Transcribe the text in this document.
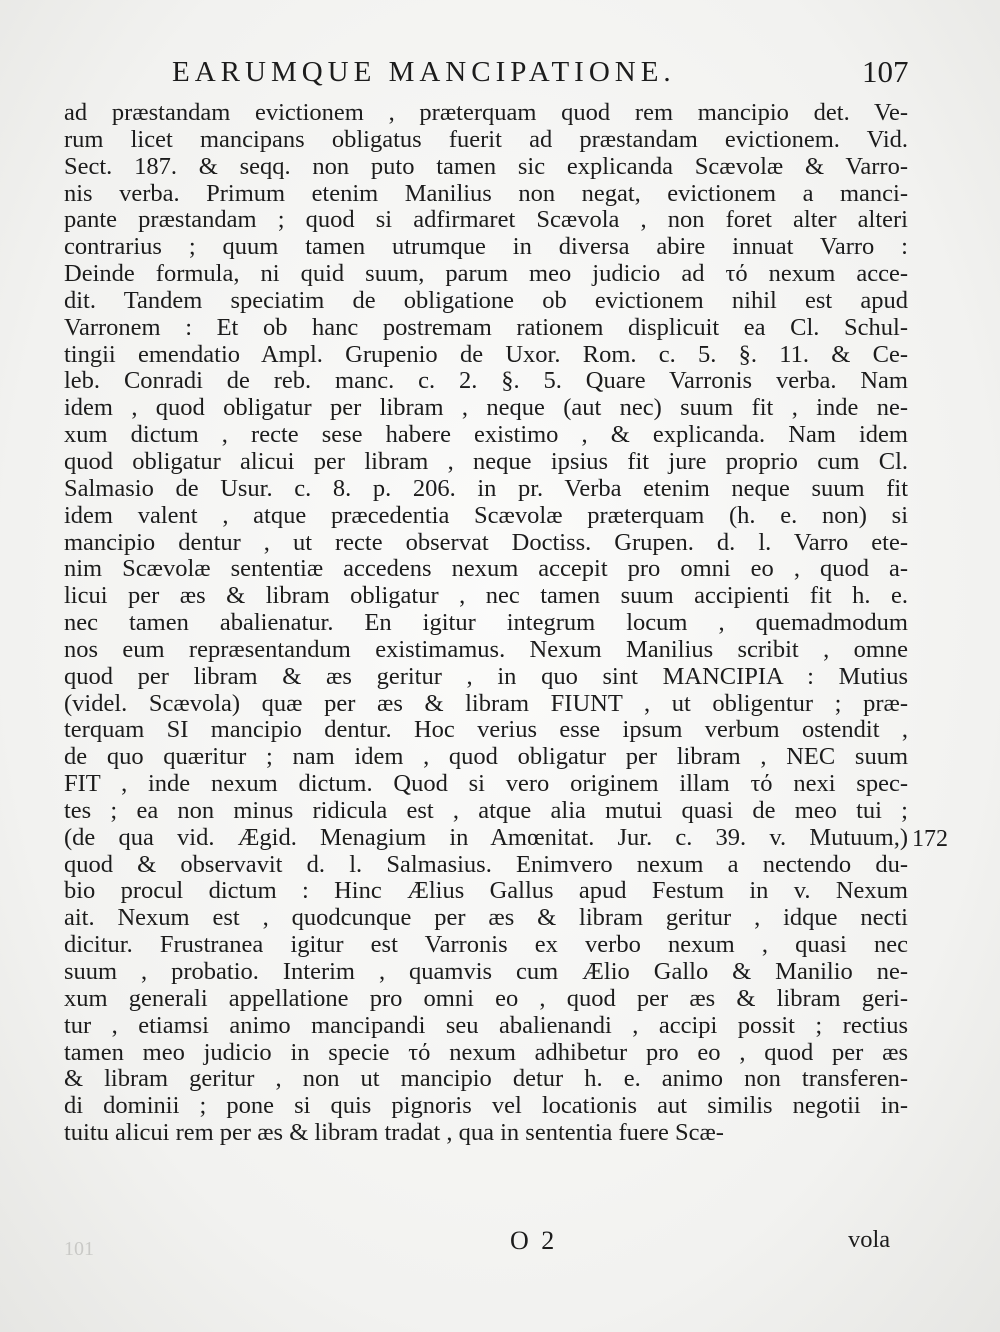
EARUMQUE MANCIPATIONE.	107
ad præstandam evictionem , præterquam quod rem mancipio det. Ve-
rum licet mancipans obligatus fuerit ad præstandam evictionem. Vid.
Sect. 187. & seqq. non puto tamen sic explicanda Scævolæ & Varro-
nis verba. Primum etenim Manilius non negat, evictionem a manci-
pante præstandam ; quod si adfirmaret Scævola , non foret alter alteri
contrarius ; quum tamen utrumque in diversa abire innuat Varro :
Deinde formula, ni quid suum, parum meo judicio ad τό nexum acce-
dit. Tandem speciatim de obligatione ob evictionem nihil est apud
Varronem : Et ob hanc postremam rationem displicuit ea Cl. Schul-
tingii emendatio Ampl. Grupenio de Uxor. Rom. c. 5. §. 11. & Ce-
leb. Conradi de reb. manc. c. 2. §. 5. Quare Varronis verba. Nam
idem , quod obligatur per libram , neque (aut nec) suum fit , inde ne-
xum dictum , recte sese habere existimo , & explicanda. Nam idem
quod obligatur alicui per libram , neque ipsius fit jure proprio cum Cl.
Salmasio de Usur. c. 8. p. 206. in pr. Verba etenim neque suum fit
idem valent , atque præcedentia Scævolæ præterquam (h. e. non) si
mancipio dentur , ut recte observat Doctiss. Grupen. d. l. Varro ete-
nim Scævolæ sententiæ accedens nexum accepit pro omni eo , quod a-
licui per æs & libram obligatur , nec tamen suum accipienti fit h. e.
nec tamen abalienatur. En igitur integrum locum , quemadmodum
nos eum repræsentandum existimamus. Nexum Manilius scribit , omne
quod per libram & æs geritur , in quo sint MANCIPIA : Mutius
(videl. Scævola) quæ per æs & libram FIUNT , ut obligentur ; præ-
terquam SI mancipio dentur. Hoc verius esse ipsum verbum ostendit ,
de quo quæritur ; nam idem , quod obligatur per libram , NEC suum
FIT , inde nexum dictum. Quod si vero originem illam τό nexi spec-
tes ; ea non minus ridicula est , atque alia mutui quasi de meo tui ;
(de qua vid. Ægid. Menagium in Amœnitat. Jur. c. 39. v. Mutuum,)
quod & observavit d. l. Salmasius. Enimvero nexum a nectendo du-
bio procul dictum : Hinc Ælius Gallus apud Festum in v. Nexum
ait. Nexum est , quodcunque per æs & libram geritur , idque necti
dicitur. Frustranea igitur est Varronis ex verbo nexum , quasi nec
suum , probatio. Interim , quamvis cum Ælio Gallo & Manilio ne-
xum generali appellatione pro omni eo , quod per æs & libram geri-
tur , etiamsi animo mancipandi seu abalienandi , accipi possit ; rectius
tamen meo judicio in specie τό nexum adhibetur pro eo , quod per æs
& libram geritur , non ut mancipio detur h. e. animo non transferen-
di dominii ; pone si quis pignoris vel locationis aut similis negotii in-
tuitu alicui rem per æs & libram tradat , qua in sententia fuere Scæ-
172
101	O 2	vola
